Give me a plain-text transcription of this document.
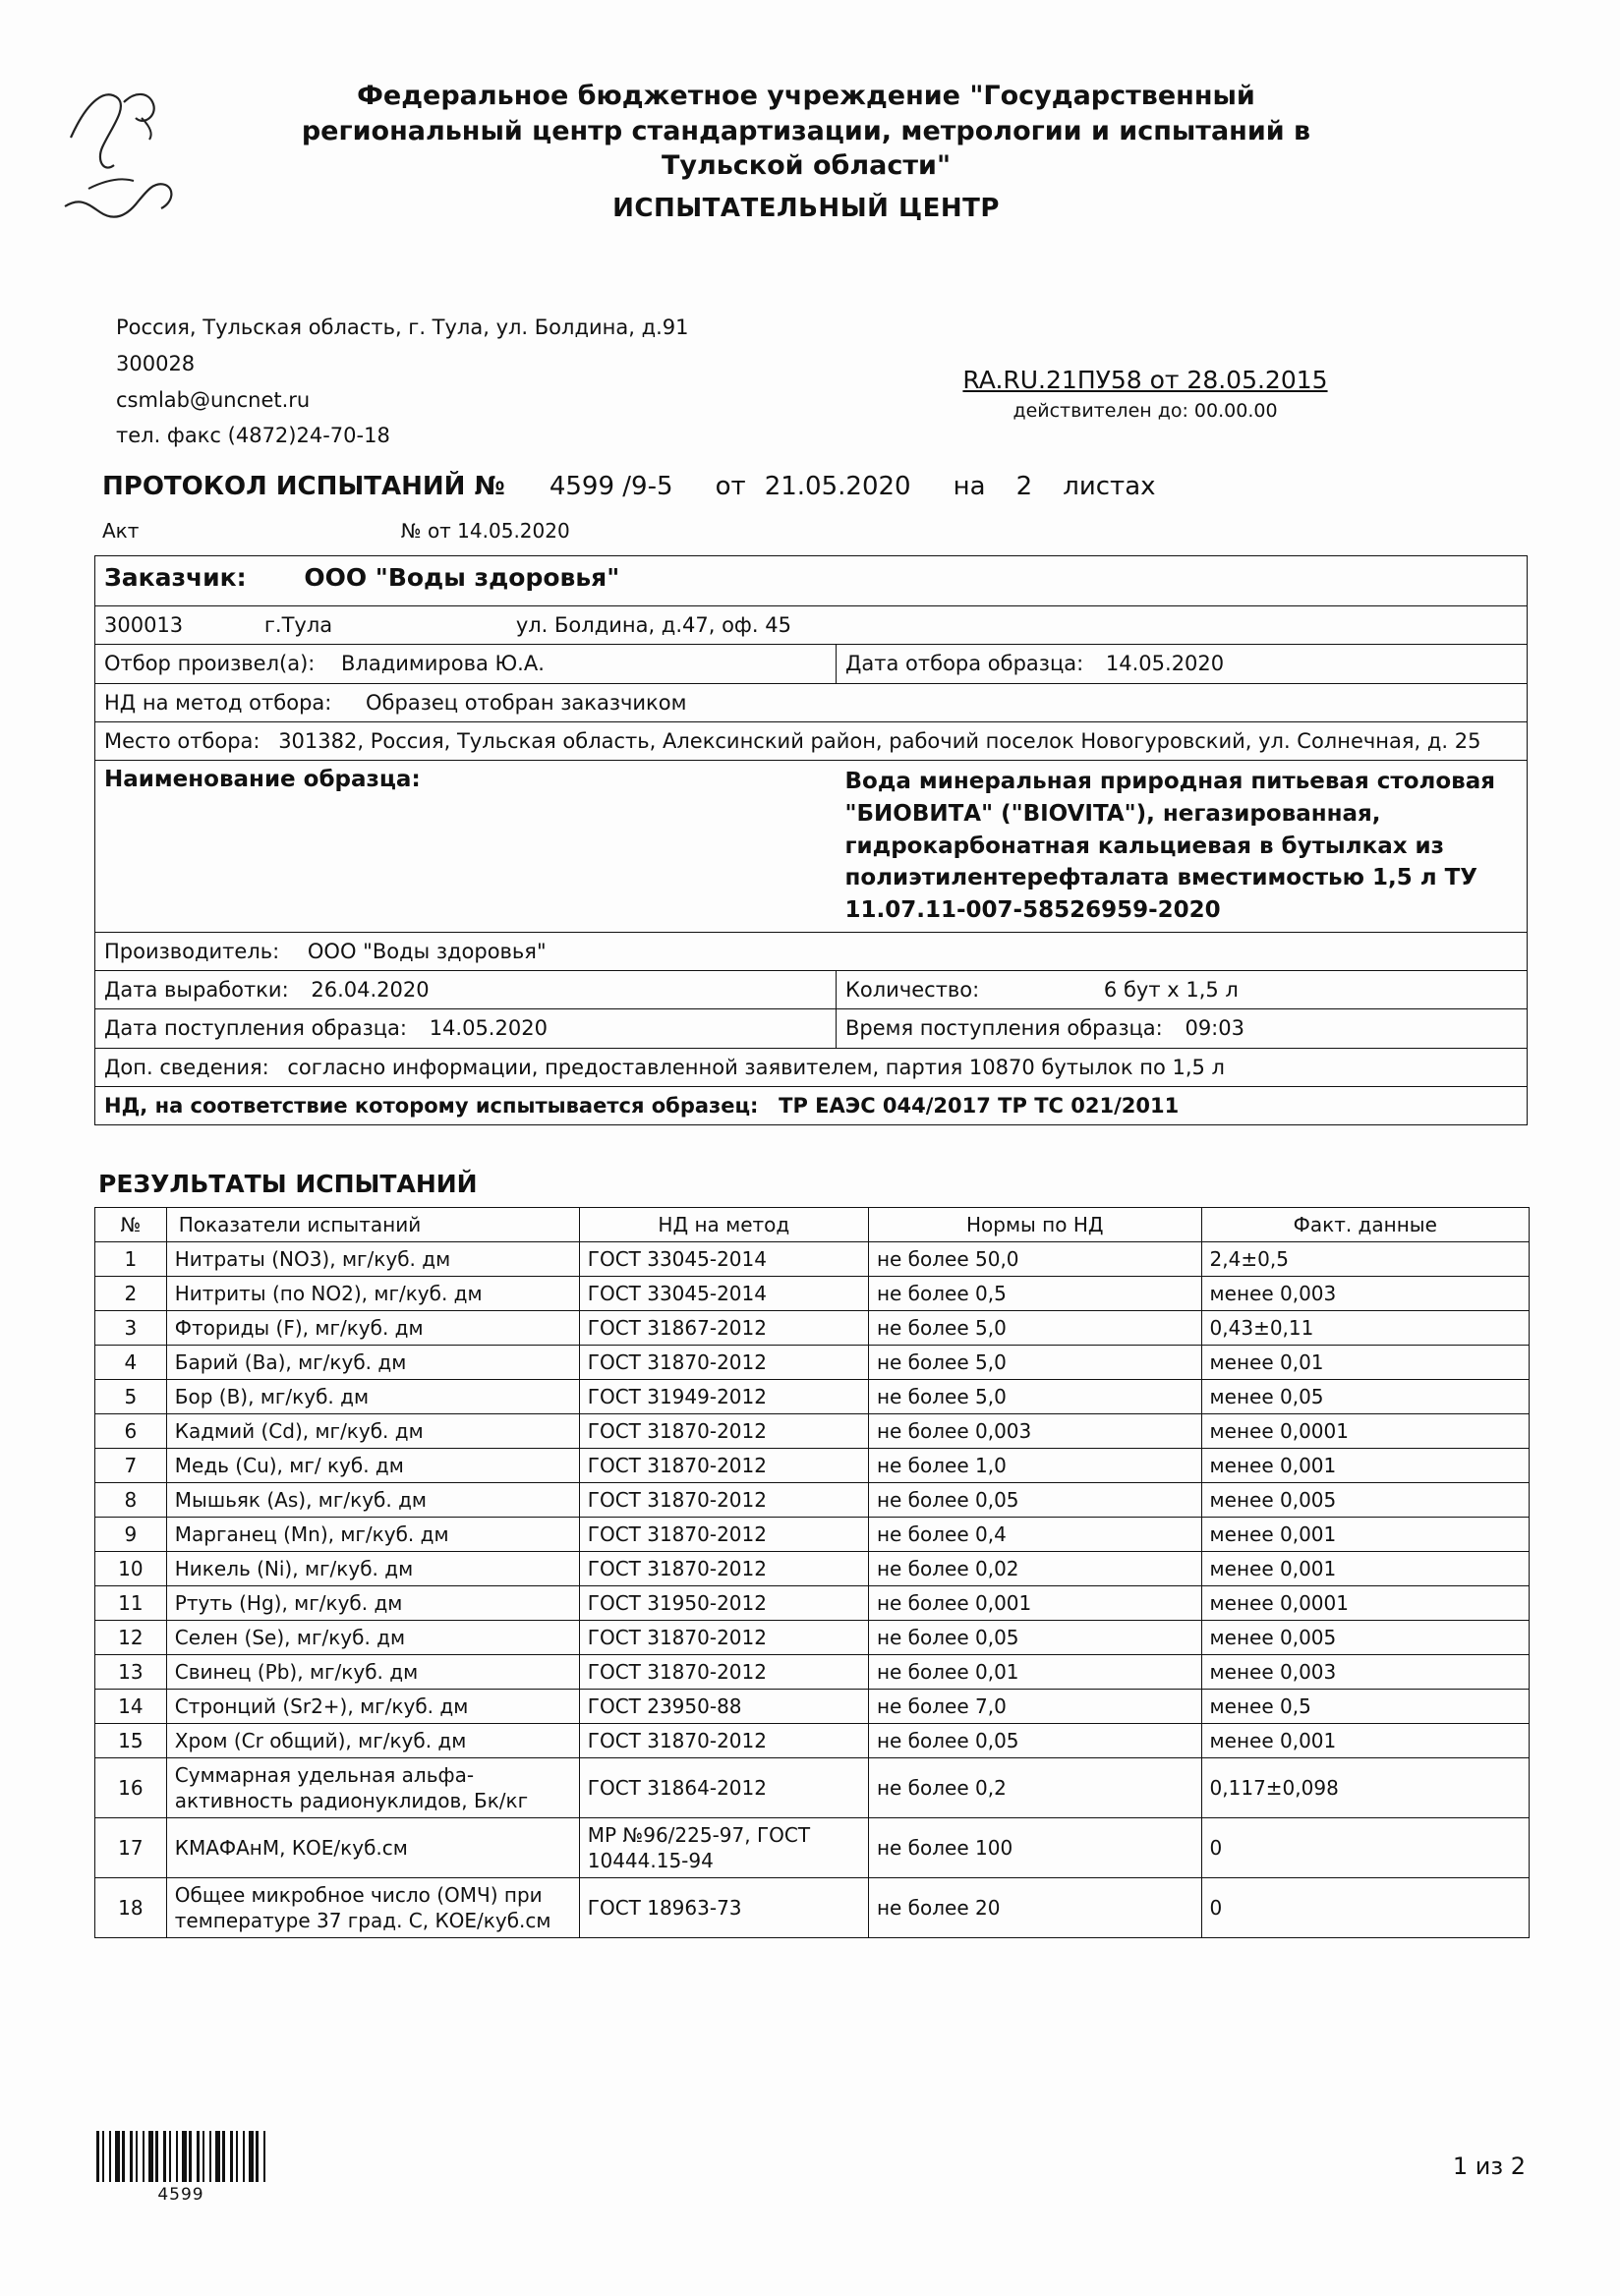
Федеральное бюджетное учреждение "Государственный
региональный центр стандартизации, метрологии и испытаний в
Тульской области"
ИСПЫТАТЕЛЬНЫЙ ЦЕНТР
Россия, Тульская область, г. Тула, ул. Болдина, д.91
300028
csmlab@uncnet.ru
тел. факс (4872)24-70-18
RA.RU.21ПУ58 от 28.05.2015
действителен до: 00.00.00
ПРОТОКОЛ ИСПЫТАНИЙ № 4599 /9-5 от 21.05.2020 на 2 листах
Акт	№ от 14.05.2020
Заказчик: ООО "Воды здоровья"	
300013 г.Тула ул. Болдина, д.47, оф. 45	
Отбор произвел(а): Владимирова Ю.А.	Дата отбора образца: 14.05.2020
НД на метод отбора: Образец отобран заказчиком	
Место отбора: 301382, Россия, Тульская область, Алексинский район, рабочий поселок Новогуровский, ул. Солнечная, д. 25	
Наименование образца:	Вода минеральная природная питьевая столовая "БИОВИТА" ("BIOVITA"), негазированная, гидрокарбонатная кальциевая в бутылках из полиэтилентерефталата вместимостью 1,5 л ТУ 11.07.11-007-58526959-2020
Производитель: ООО "Воды здоровья"	
Дата выработки: 26.04.2020	Количество: 6 бут х 1,5 л
Дата поступления образца: 14.05.2020	Время поступления образца: 09:03
Доп. сведения: согласно информации, предоставленной заявителем, партия 10870 бутылок по 1,5 л	
НД, на соответствие которому испытывается образец: ТР ЕАЭС 044/2017 ТР ТС 021/2011	
РЕЗУЛЬТАТЫ ИСПЫТАНИЙ
№	Показатели испытаний	НД на метод	Нормы по НД	Факт. данные
1	Нитраты (NO3), мг/куб. дм	ГОСТ 33045-2014	не более 50,0	2,4±0,5
2	Нитриты (по NO2), мг/куб. дм	ГОСТ 33045-2014	не более 0,5	менее 0,003
3	Фториды (F), мг/куб. дм	ГОСТ 31867-2012	не более 5,0	0,43±0,11
4	Барий (Ba), мг/куб. дм	ГОСТ 31870-2012	не более 5,0	менее 0,01
5	Бор (B), мг/куб. дм	ГОСТ 31949-2012	не более 5,0	менее 0,05
6	Кадмий (Cd), мг/куб. дм	ГОСТ 31870-2012	не более 0,003	менее 0,0001
7	Медь (Cu), мг/ куб. дм	ГОСТ 31870-2012	не более 1,0	менее 0,001
8	Мышьяк (As), мг/куб. дм	ГОСТ 31870-2012	не более 0,05	менее 0,005
9	Марганец (Mn), мг/куб. дм	ГОСТ 31870-2012	не более 0,4	менее 0,001
10	Никель (Ni), мг/куб. дм	ГОСТ 31870-2012	не более 0,02	менее 0,001
11	Ртуть (Hg), мг/куб. дм	ГОСТ 31950-2012	не более 0,001	менее 0,0001
12	Селен (Se), мг/куб. дм	ГОСТ 31870-2012	не более 0,05	менее 0,005
13	Свинец (Pb), мг/куб. дм	ГОСТ 31870-2012	не более 0,01	менее 0,003
14	Стронций (Sr2+), мг/куб. дм	ГОСТ 23950-88	не более 7,0	менее 0,5
15	Хром (Cr общий), мг/куб. дм	ГОСТ 31870-2012	не более 0,05	менее 0,001
16	Суммарная удельная альфа-активность радионуклидов, Бк/кг	ГОСТ 31864-2012	не более 0,2	0,117±0,098
17	КМАФАнМ, КОЕ/куб.см	МР №96/225-97, ГОСТ 10444.15-94	не более 100	0
18	Общее микробное число (ОМЧ) при температуре 37 град. С, КОЕ/куб.см	ГОСТ 18963-73	не более 20	0
4599
1 из 2
